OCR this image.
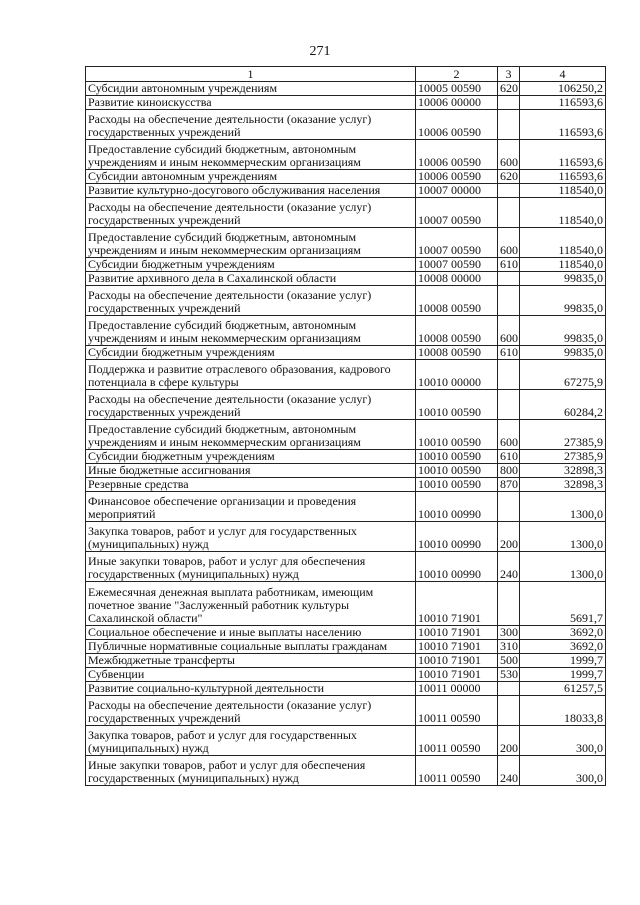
271
1	2	3	4
Субсидии автономным учреждениям	10005 00590	620	106250,2
Развитие киноискусства	10006 00000		116593,6
Расходы на обеспечение деятельности (оказание услуг) государственных учреждений	10006 00590		116593,6
Предоставление субсидий бюджетным, автономным учреждениям и иным некоммерческим организациям	10006 00590	600	116593,6
Субсидии автономным учреждениям	10006 00590	620	116593,6
Развитие культурно-досугового обслуживания населения	10007 00000		118540,0
Расходы на обеспечение деятельности (оказание услуг) государственных учреждений	10007 00590		118540,0
Предоставление субсидий бюджетным, автономным учреждениям и иным некоммерческим организациям	10007 00590	600	118540,0
Субсидии бюджетным учреждениям	10007 00590	610	118540,0
Развитие архивного дела в Сахалинской области	10008 00000		99835,0
Расходы на обеспечение деятельности (оказание услуг) государственных учреждений	10008 00590		99835,0
Предоставление субсидий бюджетным, автономным учреждениям и иным некоммерческим организациям	10008 00590	600	99835,0
Субсидии бюджетным учреждениям	10008 00590	610	99835,0
Поддержка и развитие отраслевого образования, кадрового потенциала в сфере культуры	10010 00000		67275,9
Расходы на обеспечение деятельности (оказание услуг) государственных учреждений	10010 00590		60284,2
Предоставление субсидий бюджетным, автономным учреждениям и иным некоммерческим организациям	10010 00590	600	27385,9
Субсидии бюджетным учреждениям	10010 00590	610	27385,9
Иные бюджетные ассигнования	10010 00590	800	32898,3
Резервные средства	10010 00590	870	32898,3
Финансовое обеспечение организации и проведения мероприятий	10010 00990		1300,0
Закупка товаров, работ и услуг для государственных (муниципальных) нужд	10010 00990	200	1300,0
Иные закупки товаров, работ и услуг для обеспечения государственных (муниципальных) нужд	10010 00990	240	1300,0
Ежемесячная денежная выплата работникам, имеющим почетное звание "Заслуженный работник культуры Сахалинской области"	10010 71901		5691,7
Социальное обеспечение и иные выплаты населению	10010 71901	300	3692,0
Публичные нормативные социальные выплаты гражданам	10010 71901	310	3692,0
Межбюджетные трансферты	10010 71901	500	1999,7
Субвенции	10010 71901	530	1999,7
Развитие социально-культурной деятельности	10011 00000		61257,5
Расходы на обеспечение деятельности (оказание услуг) государственных учреждений	10011 00590		18033,8
Закупка товаров, работ и услуг для государственных (муниципальных) нужд	10011 00590	200	300,0
Иные закупки товаров, работ и услуг для обеспечения государственных (муниципальных) нужд	10011 00590	240	300,0
